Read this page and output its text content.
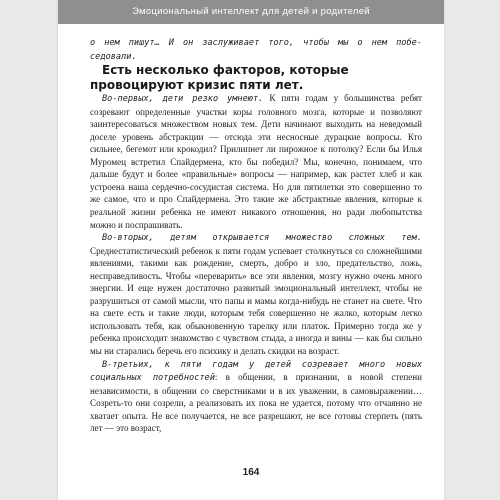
Эмоциональный интеллект для детей и родителей

о нем пишут… И он заслуживает того, чтобы мы о нем побе-седовали.

Есть несколько факторов, которые провоцируют кризис пяти лет.

Во-первых, дети резко умнеют. К пяти годам у большинства ребят созревают определенные участки коры головного мозга, которые и позволяют заинтересоваться множеством новых тем. Дети начинают выходить на неведомый доселе уровень абстракции — отсюда эти несносные дурацкие вопросы. Кто сильнее, бегемот или крокодил? Прилипнет ли пирожное к потолку? Если бы Илья Муромец встретил Спайдермена, кто бы победил? Мы, конечно, понимаем, что дальше будут и более «правильные» вопросы — например, как растет хлеб и как устроена наша сердечно-сосудистая система. Но для пятилетки это совершенно то же самое, что и про Спайдермена. Это такие же абстрактные явления, которые к реальной жизни ребенка не имеют никакого отношения, но ради любопытства можно и поспрашивать.

Во-вторых, детям открывается множество сложных тем. Среднестатистический ребенок к пяти годам успевает столкнуться со сложнейшими явлениями, такими как рождение, смерть, добро и зло, предательство, ложь, несправедливость. Чтобы «переварить» все эти явления, мозгу нужно очень много энергии. И еще нужен достаточно развитый эмоциональный интеллект, чтобы не разрушиться от самой мысли, что папы и мамы когда-нибудь не станет на свете. Что на свете есть и такие люди, которым тебя совершенно не жалко, которым легко использовать тебя, как обыкновенную тарелку или платок. Примерно тогда же у ребенка происходит знакомство с чувством стыда, а иногда и вины — как бы сильно мы ни старались беречь его психику и делать скидки на возраст.

В-третьих, к пяти годам у детей созревает много новых социальных потребностей: в общении, в признании, в новой степени независимости, в общении со сверстниками и в их уважении, в самовыражении… Созреть-то они созрели, а реализовать их пока не удается, потому что отчаянно не хватает опыта. Не все получается, не все разрешают, не все готовы стерпеть (пять лет — это возраст,

164
